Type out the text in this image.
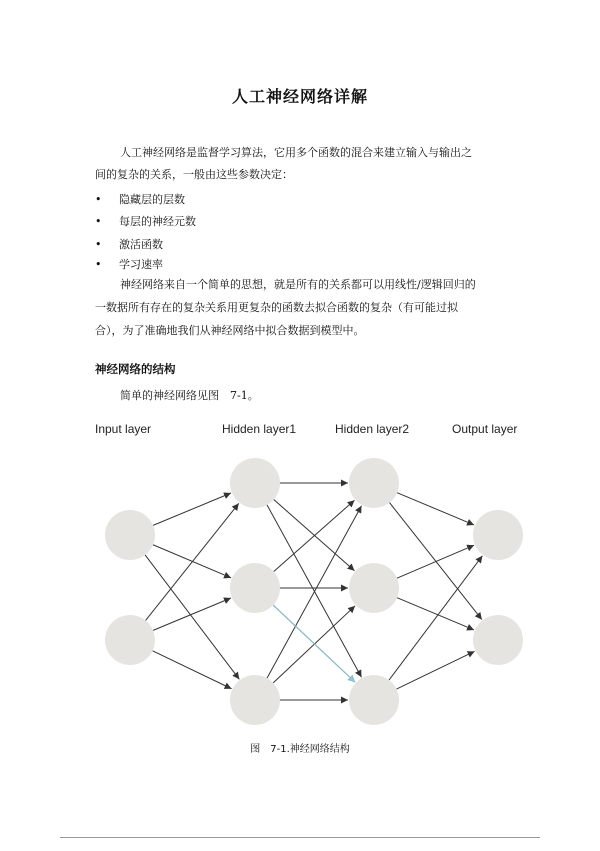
人工神经网络详解
人工神经网络是监督学习算法，它用多个函数的混合来建立输入与输出之
间的复杂的关系，一般由这些参数决定：
• 隐藏层的层数
• 每层的神经元数
• 激活函数
• 学习速率
神经网络来自一个简单的思想，就是所有的关系都可以用线性/逻辑回归的
一数据所有存在的复杂关系用更复杂的函数去拟合函数的复杂（有可能过拟
合），为了准确地我们从神经网络中拟合数据到模型中。
神经网络的结构
简单的神经网络见图　7-1。
Input layer	Hidden layer1	Hidden layer2	Output layer
图　7-1.神经网络结构
